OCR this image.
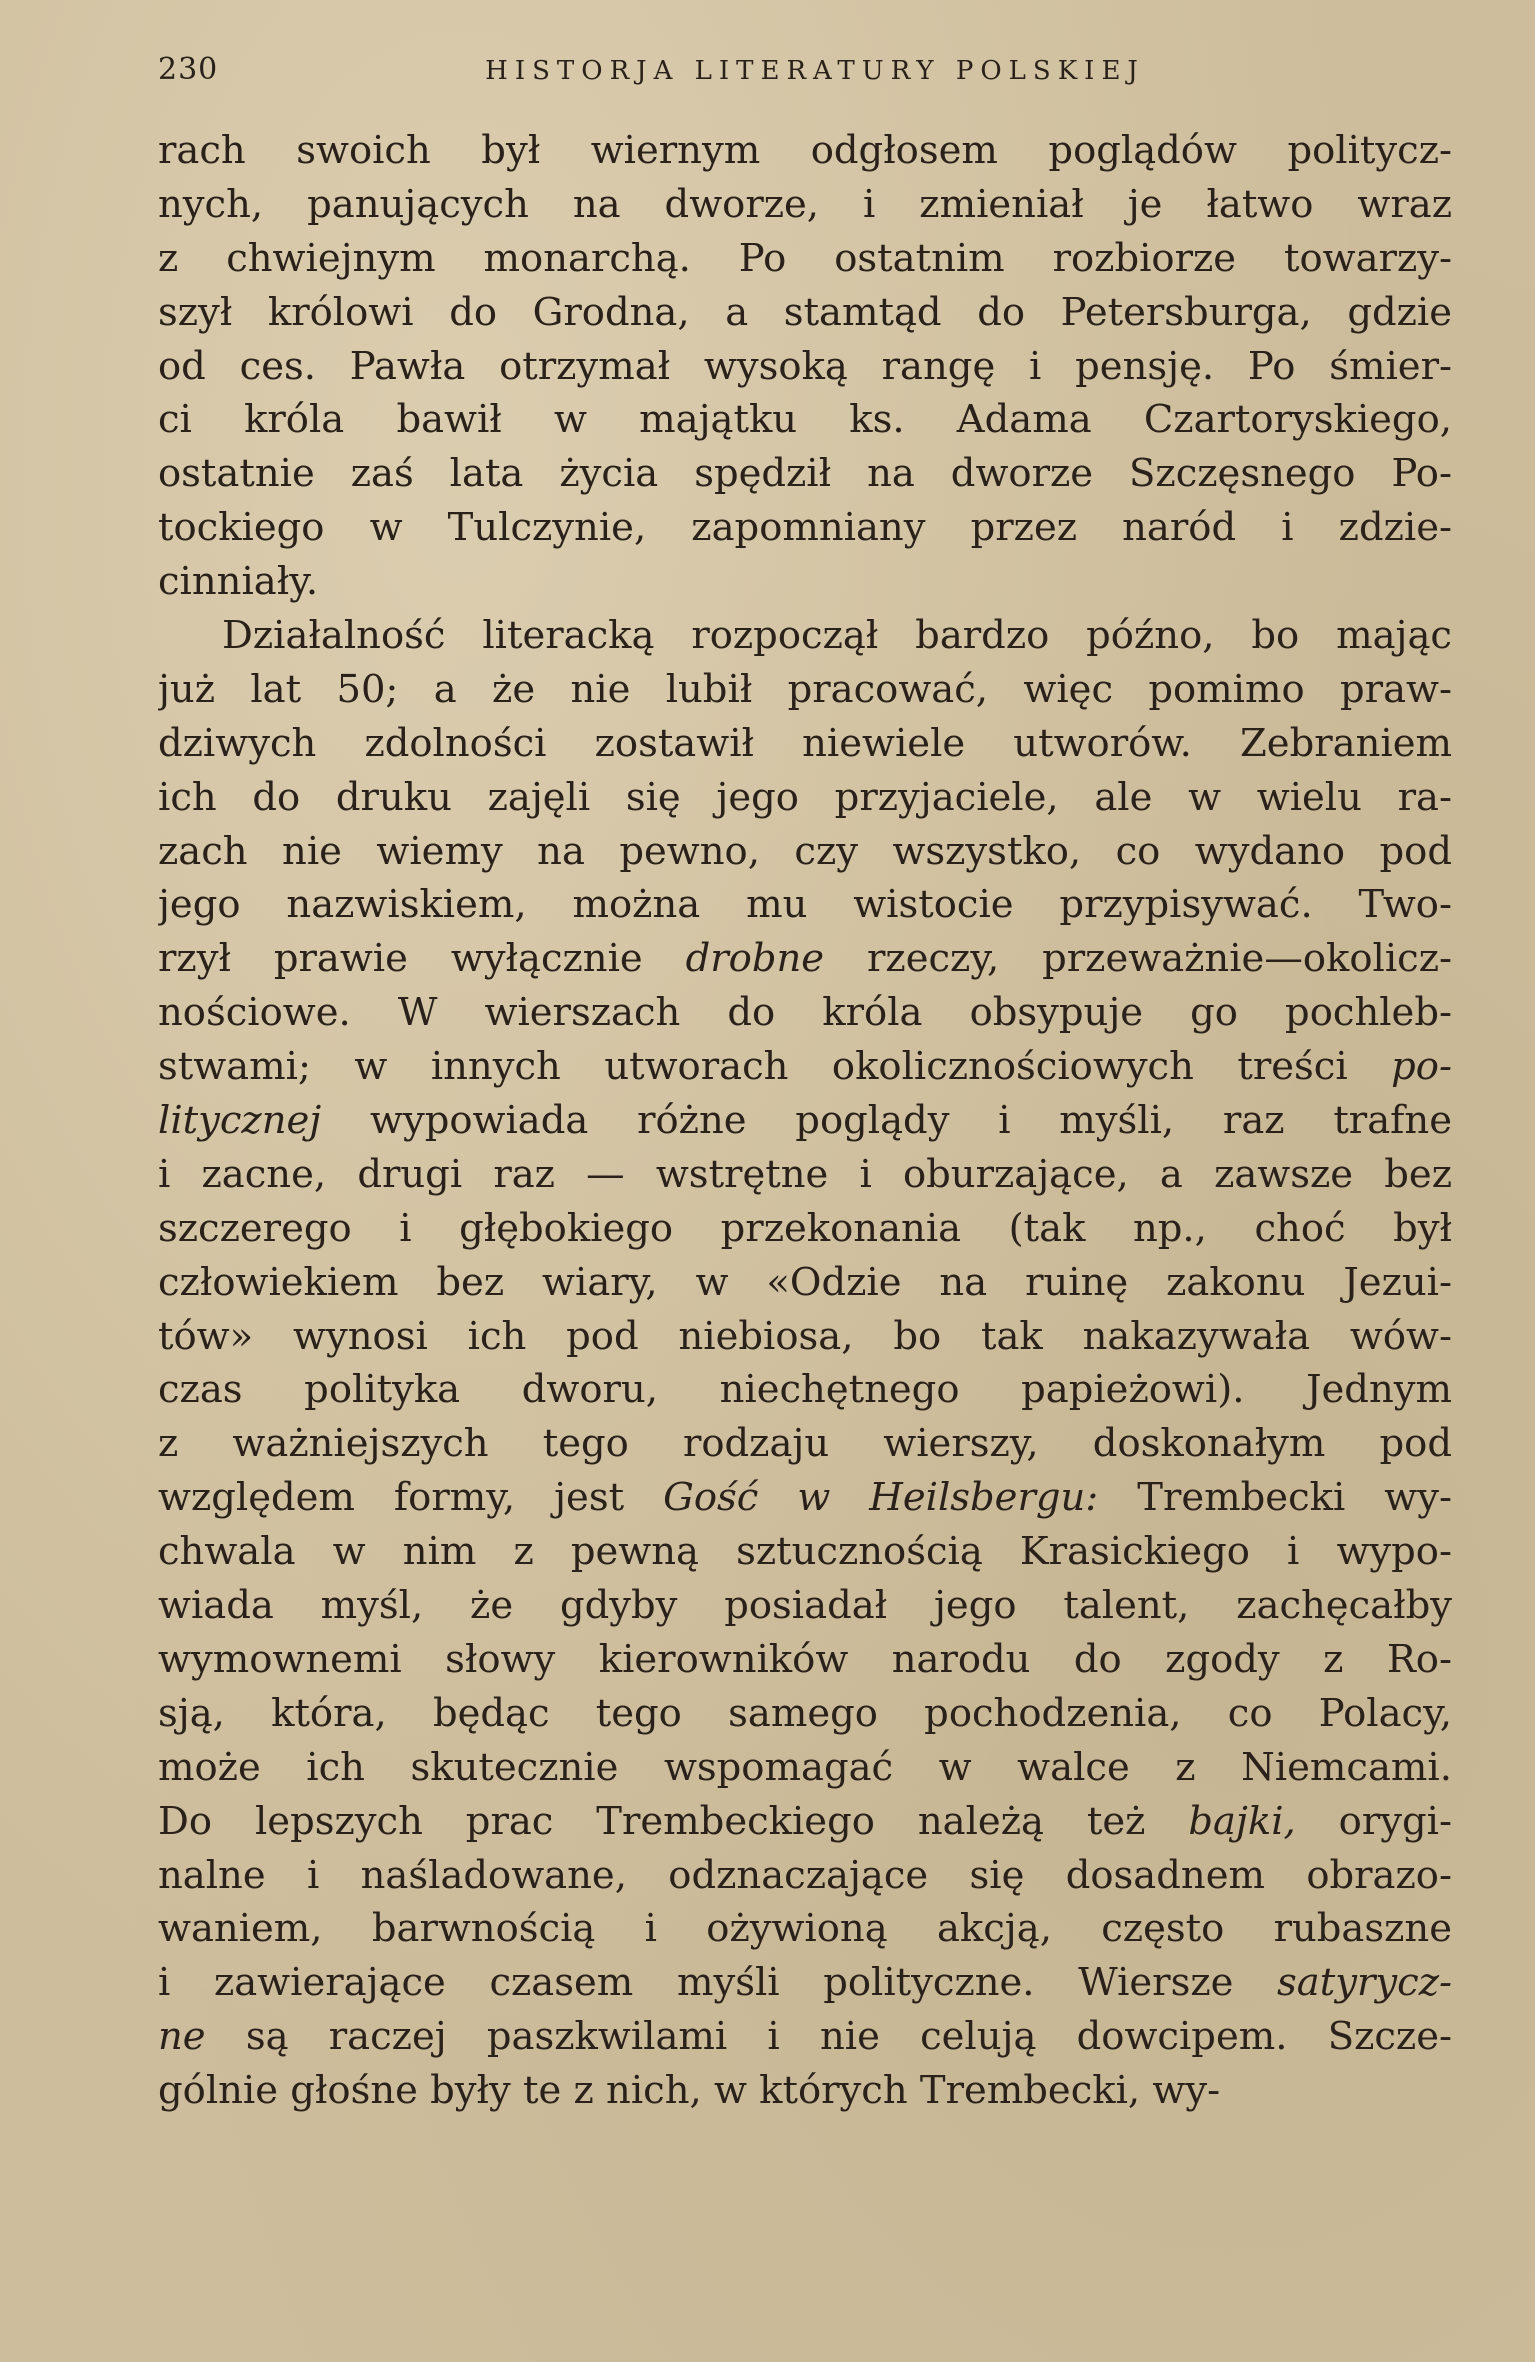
230	HISTORJA LITERATURY POLSKIEJ
rach swoich był wiernym odgłosem poglądów politycz-
nych, panujących na dworze, i zmieniał je łatwo wraz
z chwiejnym monarchą. Po ostatnim rozbiorze towarzy-
szył królowi do Grodna, a stamtąd do Petersburga, gdzie
od ces. Pawła otrzymał wysoką rangę i pensję. Po śmier-
ci króla bawił w majątku ks. Adama Czartoryskiego,
ostatnie zaś lata życia spędził na dworze Szczęsnego Po-
tockiego w Tulczynie, zapomniany przez naród i zdzie-
cinniały.
Działalność literacką rozpoczął bardzo późno, bo mając
już lat 50; a że nie lubił pracować, więc pomimo praw-
dziwych zdolności zostawił niewiele utworów. Zebraniem
ich do druku zajęli się jego przyjaciele, ale w wielu ra-
zach nie wiemy na pewno, czy wszystko, co wydano pod
jego nazwiskiem, można mu wistocie przypisywać. Two-
rzył prawie wyłącznie drobne rzeczy, przeważnie—okolicz-
nościowe. W wierszach do króla obsypuje go pochleb-
stwami; w innych utworach okolicznościowych treści po-
litycznej wypowiada różne poglądy i myśli, raz trafne
i zacne, drugi raz — wstrętne i oburzające, a zawsze bez
szczerego i głębokiego przekonania (tak np., choć był
człowiekiem bez wiary, w «Odzie na ruinę zakonu Jezui-
tów» wynosi ich pod niebiosa, bo tak nakazywała wów-
czas polityka dworu, niechętnego papieżowi). Jednym
z ważniejszych tego rodzaju wierszy, doskonałym pod
względem formy, jest Gość w Heilsbergu: Trembecki wy-
chwala w nim z pewną sztucznością Krasickiego i wypo-
wiada myśl, że gdyby posiadał jego talent, zachęcałby
wymownemi słowy kierowników narodu do zgody z Ro-
sją, która, będąc tego samego pochodzenia, co Polacy,
może ich skutecznie wspomagać w walce z Niemcami.
Do lepszych prac Trembeckiego należą też bajki, orygi-
nalne i naśladowane, odznaczające się dosadnem obrazo-
waniem, barwnością i ożywioną akcją, często rubaszne
i zawierające czasem myśli polityczne. Wiersze satyrycz-
ne są raczej paszkwilami i nie celują dowcipem. Szcze-
gólnie głośne były te z nich, w których Trembecki, wy-
